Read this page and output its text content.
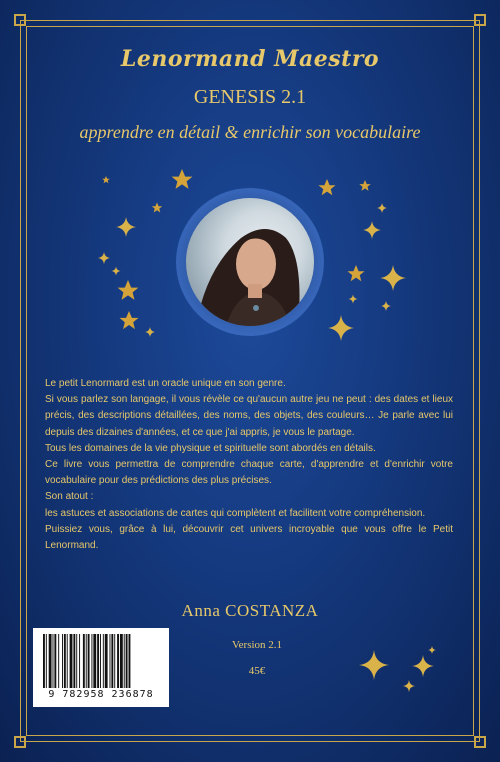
Lenormand Maestro
GENESIS 2.1
apprendre en détail & enrichir son vocabulaire

Le petit Lenormard est un oracle unique en son genre.

Si vous parlez son langage, il vous révèle ce qu'aucun autre jeu ne peut : des dates et lieux précis, des descriptions détaillées, des noms, des objets, des couleurs… Je parle avec lui depuis des dizaines d'années, et ce que j'ai appris, je vous le partage.

Tous les domaines de la vie physique et spirituelle sont abordés en détails.

Ce livre vous permettra de comprendre chaque carte, d'apprendre et d'enrichir votre vocabulaire pour des prédictions des plus précises.

Son atout :

les astuces et associations de cartes qui complètent et facilitent votre compréhension.

Puissiez vous, grâce à lui, découvrir cet univers incroyable que vous offre le Petit Lenormand.

Anna COSTANZA
9 782958 236878
Version 2.1
45€
